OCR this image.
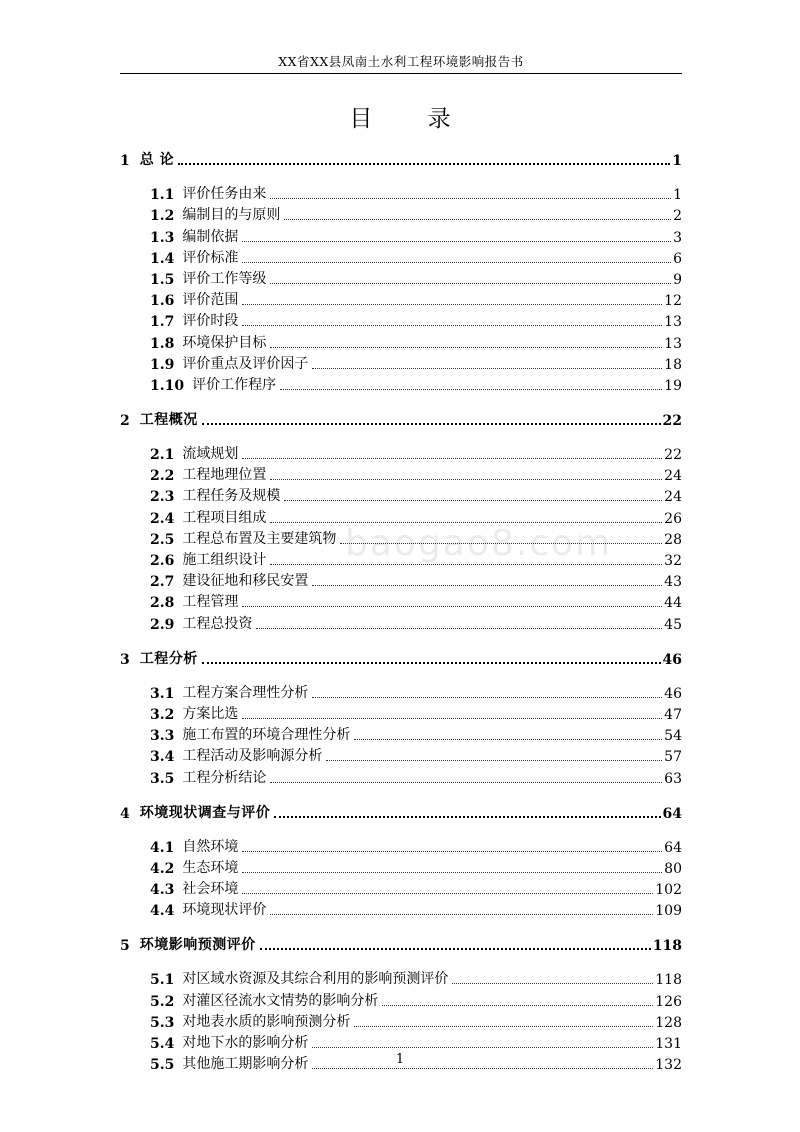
XX省XX县凤南土水利工程环境影响报告书
目 录
baogao8.com
1 总 论	1
1.1 评价任务由来	1
1.2 编制目的与原则	2
1.3 编制依据	3
1.4 评价标准	6
1.5 评价工作等级	9
1.6 评价范围	12
1.7 评价时段	13
1.8 环境保护目标	13
1.9 评价重点及评价因子	18
1.10 评价工作程序	19
2 工程概况	22
2.1 流域规划	22
2.2 工程地理位置	24
2.3 工程任务及规模	24
2.4 工程项目组成	26
2.5 工程总布置及主要建筑物	28
2.6 施工组织设计	32
2.7 建设征地和移民安置	43
2.8 工程管理	44
2.9 工程总投资	45
3 工程分析	46
3.1 工程方案合理性分析	46
3.2 方案比选	47
3.3 施工布置的环境合理性分析	54
3.4 工程活动及影响源分析	57
3.5 工程分析结论	63
4 环境现状调查与评价	64
4.1 自然环境	64
4.2 生态环境	80
4.3 社会环境	102
4.4 环境现状评价	109
5 环境影响预测评价	118
5.1 对区域水资源及其综合利用的影响预测评价	118
5.2 对灌区径流水文情势的影响分析	126
5.3 对地表水质的影响预测分析	128
5.4 对地下水的影响分析	131
5.5 其他施工期影响分析	132
1
